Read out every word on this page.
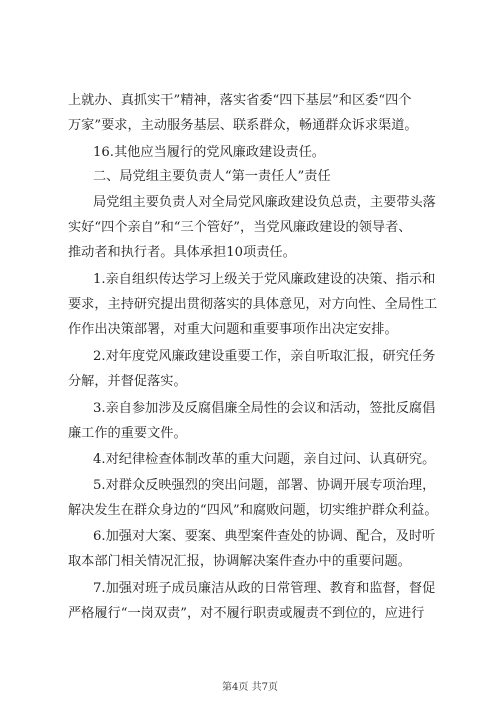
上就办、真抓实干”精神，落实省委“四下基层”和区委“四个
万家”要求，主动服务基层、联系群众，畅通群众诉求渠道。
16.其他应当履行的党风廉政建设责任。
二、局党组主要负责人“第一责任人”责任
局党组主要负责人对全局党风廉政建设负总责，主要带头落
实好“四个亲自”和“三个管好”，当党风廉政建设的领导者、
推动者和执行者。具体承担10项责任。
1.亲自组织传达学习上级关于党风廉政建设的决策、指示和
要求，主持研究提出贯彻落实的具体意见，对方向性、全局性工
作作出决策部署，对重大问题和重要事项作出决定安排。
2.对年度党风廉政建设重要工作，亲自听取汇报，研究任务
分解，并督促落实。
3.亲自参加涉及反腐倡廉全局性的会议和活动，签批反腐倡
廉工作的重要文件。
4.对纪律检查体制改革的重大问题，亲自过问、认真研究。
5.对群众反映强烈的突出问题，部署、协调开展专项治理，
解决发生在群众身边的“四风”和腐败问题，切实维护群众利益。
6.加强对大案、要案、典型案件查处的协调、配合，及时听
取本部门相关情况汇报，协调解决案件查办中的重要问题。
7.加强对班子成员廉洁从政的日常管理、教育和监督，督促
严格履行“一岗双责”，对不履行职责或履责不到位的，应进行
第4页 共7页
